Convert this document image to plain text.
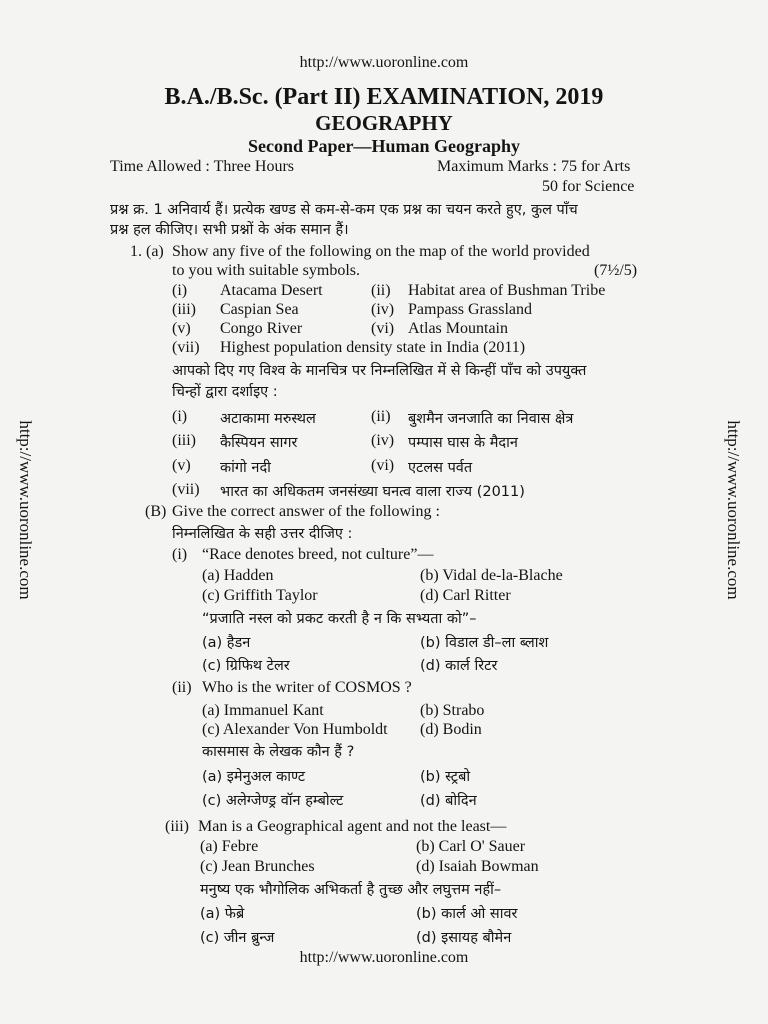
http://www.uoronline.com
B.A./B.Sc. (Part II) EXAMINATION, 2019
GEOGRAPHY
Second Paper—Human Geography
Time Allowed : Three Hours	Maximum Marks : 75 for Arts
50 for Science
प्रश्न क्र. 1 अनिवार्य हैं। प्रत्येक खण्ड से कम-से-कम एक प्रश्न का चयन करते हुए, कुल पाँच
प्रश्न हल कीजिए। सभी प्रश्नों के अंक समान हैं।
1. (a) Show any five of the following on the map of the world provided
to you with suitable symbols.	(7½/5)
(i) Atacama Desert	(ii) Habitat area of Bushman Tribe
(iii) Caspian Sea	(iv) Pampass Grassland
(v) Congo River	(vi) Atlas Mountain
(vii) Highest population density state in India (2011)
आपको दिए गए विश्व के मानचित्र पर निम्नलिखित में से किन्हीं पाँच को उपयुक्त
चिन्हों द्वारा दर्शाइए :
(i) अटाकामा मरुस्थल	(ii) बुशमैन जनजाति का निवास क्षेत्र
(iii) कैस्पियन सागर	(iv) पम्पास घास के मैदान
(v) कांगो नदी	(vi) एटलस पर्वत
(vii) भारत का अधिकतम जनसंख्या घनत्व वाला राज्य (2011)
(B) Give the correct answer of the following :
निम्नलिखित के सही उत्तर दीजिए :
(i) “Race denotes breed, not culture”—
(a) Hadden	(b) Vidal de-la-Blache
(c) Griffith Taylor	(d) Carl Ritter
“प्रजाति नस्ल को प्रकट करती है न कि सभ्यता को”–
(a) हैडन	(b) विडाल डी–ला ब्लाश
(c) ग्रिफिथ टेलर	(d) कार्ल रिटर
(ii) Who is the writer of COSMOS ?
(a) Immanuel Kant	(b) Strabo
(c) Alexander Von Humboldt (d) Bodin
कासमास के लेखक कौन हैं ?
(a) इमेनुअल काण्ट	(b) स्ट्रबो
(c) अलेग्जेण्ड्र वॉन हम्बोल्ट	(d) बोदिन
(iii) Man is a Geographical agent and not the least—
(a) Febre	(b) Carl O' Sauer
(c) Jean Brunches	(d) Isaiah Bowman
मनुष्य एक भौगोलिक अभिकर्ता है तुच्छ और लघुत्तम नहीं–
(a) फेब्रे	(b) कार्ल ओ सावर
(c) जीन ब्रुन्ज	(d) इसायह बौमेन
http://www.uoronline.com
http://www.uoronline.com	http://www.uoronline.com
